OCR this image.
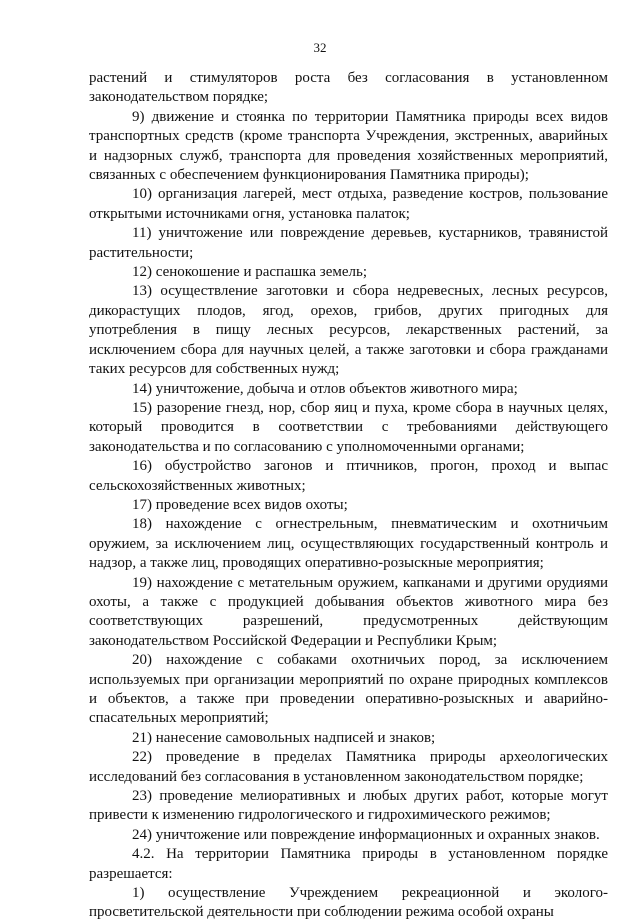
32

растений и стимуляторов роста без согласования в установленном законодательством порядке;

9) движение и стоянка по территории Памятника природы всех видов транспортных средств (кроме транспорта Учреждения, экстренных, аварийных и надзорных служб, транспорта для проведения хозяйственных мероприятий, связанных с обеспечением функционирования Памятника природы);

10) организация лагерей, мест отдыха, разведение костров, пользование открытыми источниками огня, установка палаток;

11) уничтожение или повреждение деревьев, кустарников, травянистой растительности;

12) сенокошение и распашка земель;

13) осуществление заготовки и сбора недревесных, лесных ресурсов, дикорастущих плодов, ягод, орехов, грибов, других пригодных для употребления в пищу лесных ресурсов, лекарственных растений, за исключением сбора для научных целей, а также заготовки и сбора гражданами таких ресурсов для собственных нужд;

14) уничтожение, добыча и отлов объектов животного мира;

15) разорение гнезд, нор, сбор яиц и пуха, кроме сбора в научных целях, который проводится в соответствии с требованиями действующего законодательства и по согласованию с уполномоченными органами;

16) обустройство загонов и птичников, прогон, проход и выпас сельскохозяйственных животных;

17) проведение всех видов охоты;

18) нахождение с огнестрельным, пневматическим и охотничьим оружием, за исключением лиц, осуществляющих государственный контроль и надзор, а также лиц, проводящих оперативно-розыскные мероприятия;

19) нахождение с метательным оружием, капканами и другими орудиями охоты, а также с продукцией добывания объектов животного мира без соответствующих разрешений, предусмотренных действующим законодательством Российской Федерации и Республики Крым;

20) нахождение с собаками охотничьих пород, за исключением используемых при организации мероприятий по охране природных комплексов и объектов, а также при проведении оперативно-розыскных и аварийно-спасательных мероприятий;

21) нанесение самовольных надписей и знаков;

22) проведение в пределах Памятника природы археологических исследований без согласования в установленном законодательством порядке;

23) проведение мелиоративных и любых других работ, которые могут привести к изменению гидрологического и гидрохимического режимов;

24) уничтожение или повреждение информационных и охранных знаков.

4.2. На территории Памятника природы в установленном порядке разрешается:

1) осуществление Учреждением рекреационной и эколого-просветительской деятельности при соблюдении режима особой охраны
